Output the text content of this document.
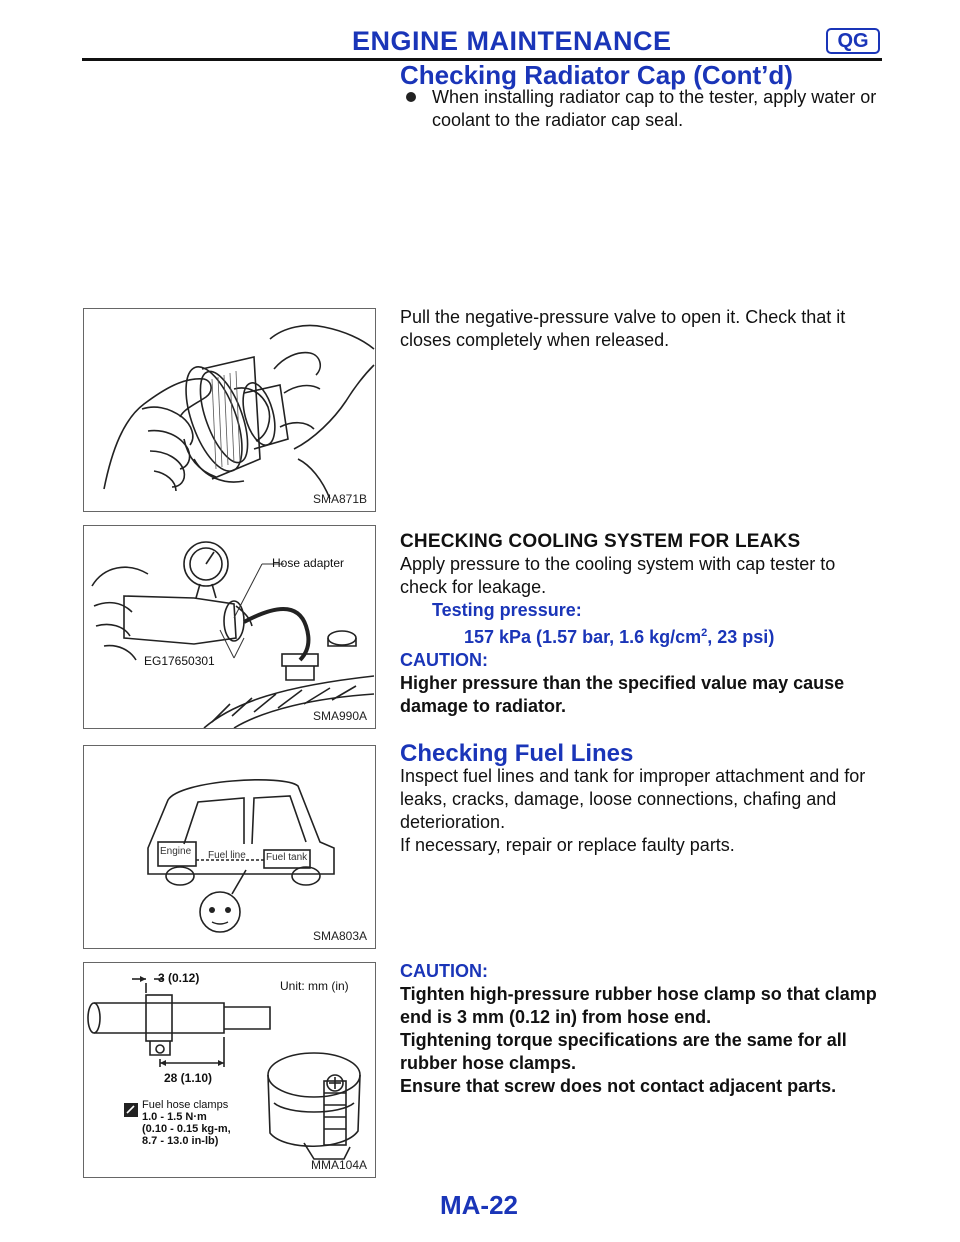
ENGINE MAINTENANCE	QG
Checking Radiator Cap (Cont’d)

When installing radiator cap to the tester, apply water or coolant to the radiator cap seal.

SMA871B

Pull the negative-pressure valve to open it. Check that it closes completely when released.

Hose adapter
EG17650301
SMA990A

CHECKING COOLING SYSTEM FOR LEAKS

Apply pressure to the cooling system with cap tester to check for leakage.

Testing pressure:

157 kPa (1.57 bar, 1.6 $kg/cm^2$, 23 psi)

CAUTION:

Higher pressure than the specified value may cause damage to radiator.

Engine Fuel line Fuel tank
SMA803A

Checking Fuel Lines

Inspect fuel lines and tank for improper attachment and for leaks, cracks, damage, loose connections, chafing and deterioration.

If necessary, repair or replace faulty parts.

3 (0.12)
Unit: mm (in)
28 (1.10)
Fuel hose clamps
1.0 - 1.5 N·m
(0.10 - 0.15 kg-m,
8.7 - 13.0 in-lb)
MMA104A

CAUTION:

Tighten high-pressure rubber hose clamp so that clamp end is 3 mm (0.12 in) from hose end.

Tightening torque specifications are the same for all rubber hose clamps.

Ensure that screw does not contact adjacent parts.

MA-22
